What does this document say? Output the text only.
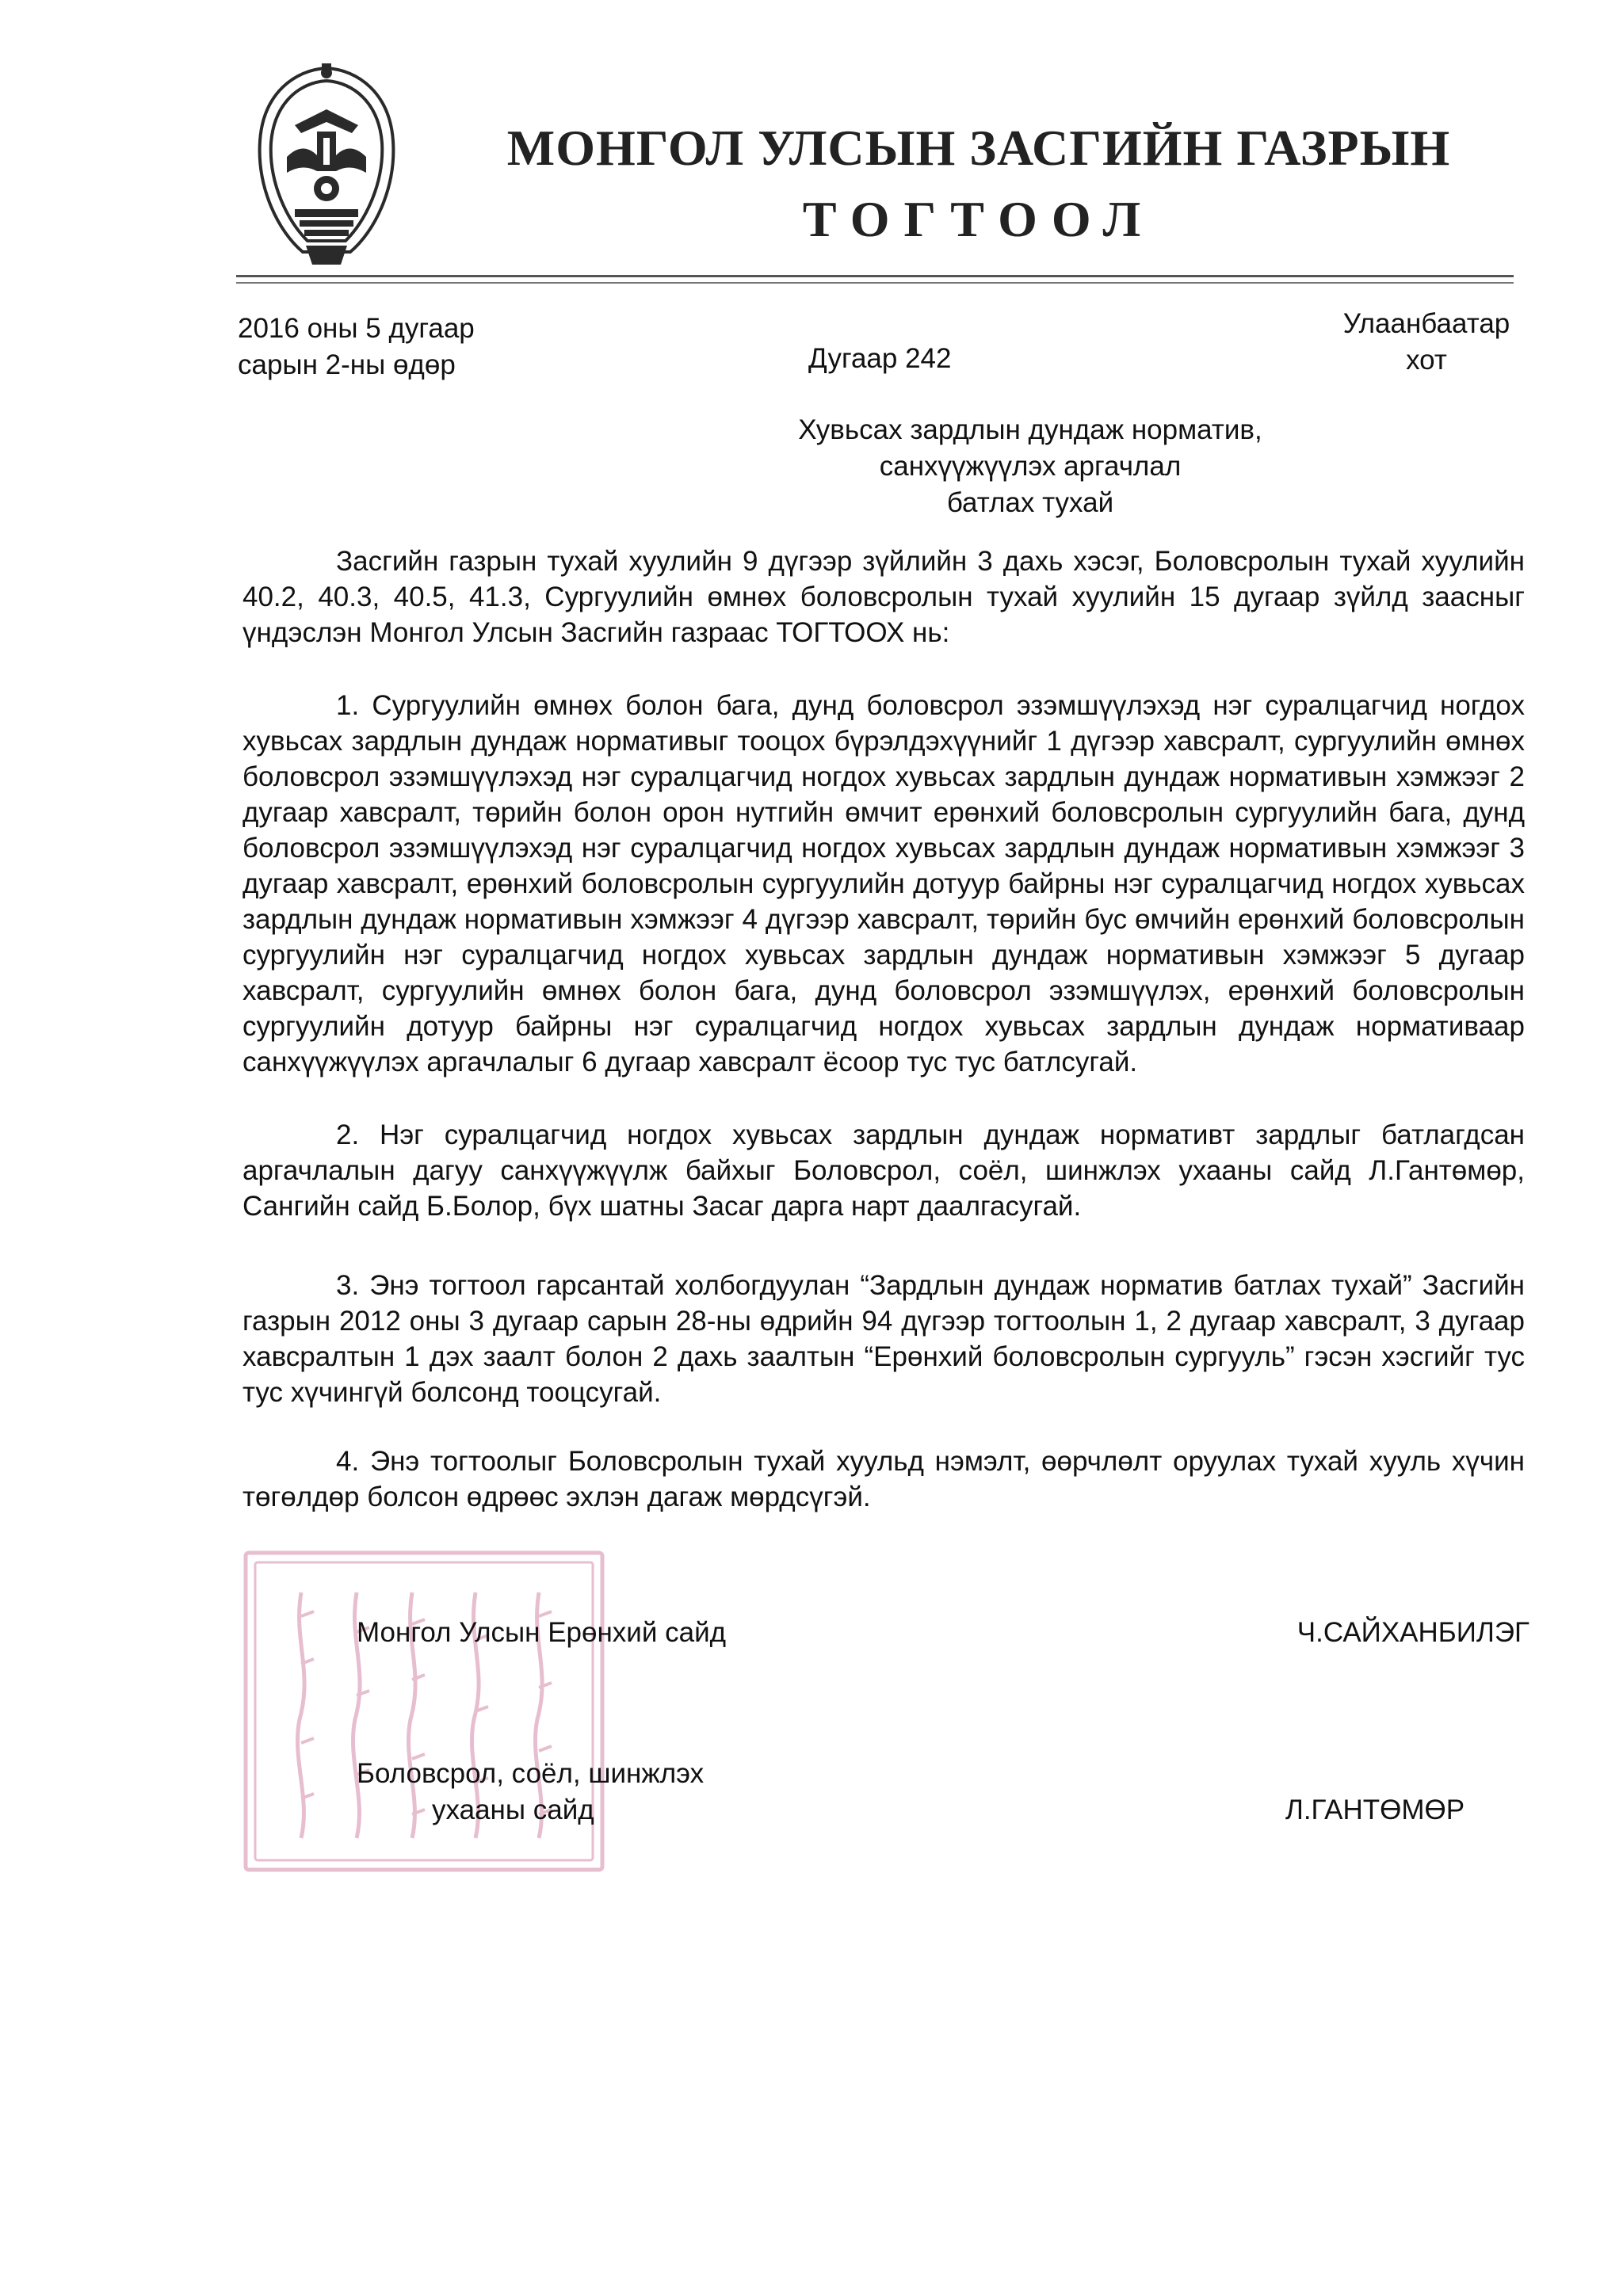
МОНГОЛ УЛСЫН ЗАСГИЙН ГАЗРЫН
ТОГТООЛ
2016 оны 5 дугаар
сарын 2-ны өдөр	Дугаар 242
Улаанбаатар
хот
Хувьсах зардлын дундаж норматив,
санхүүжүүлэх аргачлал
батлах тухай

Засгийн газрын тухай хуулийн 9 дүгээр зүйлийн 3 дахь хэсэг, Боловсролын тухай хуулийн 40.2, 40.3, 40.5, 41.3, Сургуулийн өмнөх боловсролын тухай хуулийн 15 дугаар зүйлд заасныг үндэслэн Монгол Улсын Засгийн газраас ТОГТООХ нь:

1. Сургуулийн өмнөх болон бага, дунд боловсрол эзэмшүүлэхэд нэг суралцагчид ногдох хувьсах зардлын дундаж нормативыг тооцох бүрэлдэхүүнийг 1 дүгээр хавсралт, сургуулийн өмнөх боловсрол эзэмшүүлэхэд нэг суралцагчид ногдох хувьсах зардлын дундаж нормативын хэмжээг 2 дугаар хавсралт, төрийн болон орон нутгийн өмчит ерөнхий боловсролын сургуулийн бага, дунд боловсрол эзэмшүүлэхэд нэг суралцагчид ногдох хувьсах зардлын дундаж нормативын хэмжээг 3 дугаар хавсралт, ерөнхий боловсролын сургуулийн дотуур байрны нэг суралцагчид ногдох хувьсах зардлын дундаж нормативын хэмжээг 4 дүгээр хавсралт, төрийн бус өмчийн ерөнхий боловсролын сургуулийн нэг суралцагчид ногдох хувьсах зардлын дундаж нормативын хэмжээг 5 дугаар хавсралт, сургуулийн өмнөх болон бага, дунд боловсрол эзэмшүүлэх, ерөнхий боловсролын сургуулийн дотуур байрны нэг суралцагчид ногдох хувьсах зардлын дундаж нормативаар санхүүжүүлэх аргачлалыг 6 дугаар хавсралт ёсоор тус тус батлсугай.

2. Нэг суралцагчид ногдох хувьсах зардлын дундаж нормативт зардлыг батлагдсан аргачлалын дагуу санхүүжүүлж байхыг Боловсрол, соёл, шинжлэх ухааны сайд Л.Гантөмөр, Сангийн сайд Б.Болор, бүх шатны Засаг дарга нарт даалгасугай.

3. Энэ тогтоол гарсантай холбогдуулан “Зардлын дундаж норматив батлах тухай” Засгийн газрын 2012 оны 3 дугаар сарын 28-ны өдрийн 94 дүгээр тогтоолын 1, 2 дугаар хавсралт, 3 дугаар хавсралтын 1 дэх заалт болон 2 дахь заалтын “Ерөнхий боловсролын сургууль” гэсэн хэсгийг тус тус хүчингүй болсонд тооцсугай.

4. Энэ тогтоолыг Боловсролын тухай хуульд нэмэлт, өөрчлөлт оруулах тухай хууль хүчин төгөлдөр болсон өдрөөс эхлэн дагаж мөрдсүгэй.

Монгол Улсын Ерөнхий сайд	Ч.САЙХАНБИЛЭГ
Боловсрол, соёл, шинжлэх
ухааны сайд	Л.ГАНТӨМӨР
